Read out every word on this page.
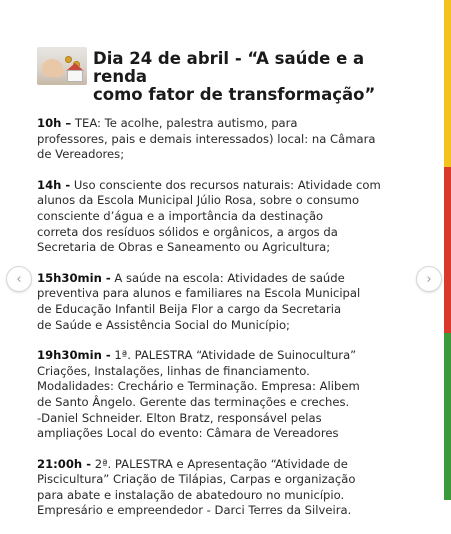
Dia 24 de abril - “A saúde e a renda
como fator de transformação”
10h – TEA: Te acolhe, palestra autismo, para
professores, pais e demais interessados) local: na Câmara
de Vereadores;
14h - Uso consciente dos recursos naturais: Atividade com
alunos da Escola Municipal Júlio Rosa, sobre o consumo
consciente d’água e a importância da destinação
correta dos resíduos sólidos e orgânicos, a argos da
Secretaria de Obras e Saneamento ou Agricultura;
15h30min - A saúde na escola: Atividades de saúde
preventiva para alunos e familiares na Escola Municipal
de Educação Infantil Beija Flor a cargo da Secretaria
de Saúde e Assistência Social do Município;
19h30min - 1ª. PALESTRA “Atividade de Suinocultura”
Criações, Instalações, linhas de financiamento.
Modalidades: Crechário e Terminação. Empresa: Alibem
de Santo Ângelo. Gerente das terminações e creches.
-Daniel Schneider. Elton Bratz, responsável pelas
ampliações Local do evento: Câmara de Vereadores
21:00h - 2ª. PALESTRA e Apresentação “Atividade de
Piscicultura” Criação de Tilápias, Carpas e organização
para abate e instalação de abatedouro no município.
Empresário e empreendedor - Darci Terres da Silveira.
‹	›
